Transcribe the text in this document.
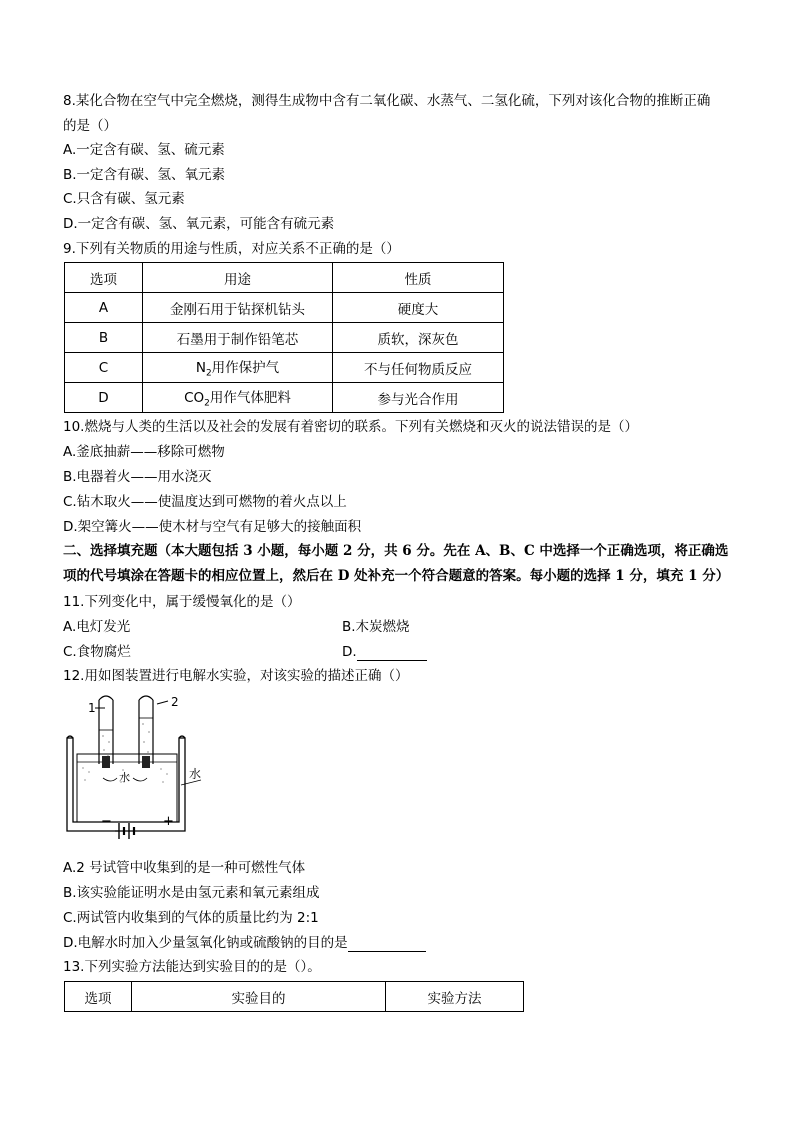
8.某化合物在空气中完全燃烧，测得生成物中含有二氧化碳、水蒸气、二氢化硫，下列对该化合物的推断正确
的是（）
A.一定含有碳、氢、硫元素
B.一定含有碳、氢、氧元素
C.只含有碳、氢元素
D.一定含有碳、氢、氧元素，可能含有硫元素
9.下列有关物质的用途与性质，对应关系不正确的是（）
选项	用途	性质
A	金刚石用于钻探机钻头	硬度大
B	石墨用于制作铅笔芯	质软，深灰色
C	$N_2$用作保护气	不与任何物质反应
D	$CO_2$用作气体肥料	参与光合作用
10.燃烧与人类的生活以及社会的发展有着密切的联系。下列有关燃烧和灭火的说法错误的是（）
A.釜底抽薪——移除可燃物
B.电器着火——用水浇灭
C.钻木取火——使温度达到可燃物的着火点以上
D.架空篝火——使木材与空气有足够大的接触面积
二、选择填充题（本大题包括 3 小题，每小题 2 分，共 6 分。先在 A、B、C 中选择一个正确选项，将正确选
项的代号填涂在答题卡的相应位置上，然后在 D 处补充一个符合题意的答案。每小题的选择 1 分，填充 1 分）
11.下列变化中，属于缓慢氧化的是（）
A.电灯发光	B.木炭燃烧
C.食物腐烂	D.
12.用如图装置进行电解水实验，对该实验的描述正确（）
1	2
水	水
−	+
A.2 号试管中收集到的是一种可燃性气体
B.该实验能证明水是由氢元素和氧元素组成
C.两试管内收集到的气体的质量比约为 2:1
D.电解水时加入少量氢氧化钠或硫酸钠的目的是
13.下列实验方法能达到实验目的的是（）。
选项	实验目的	实验方法
